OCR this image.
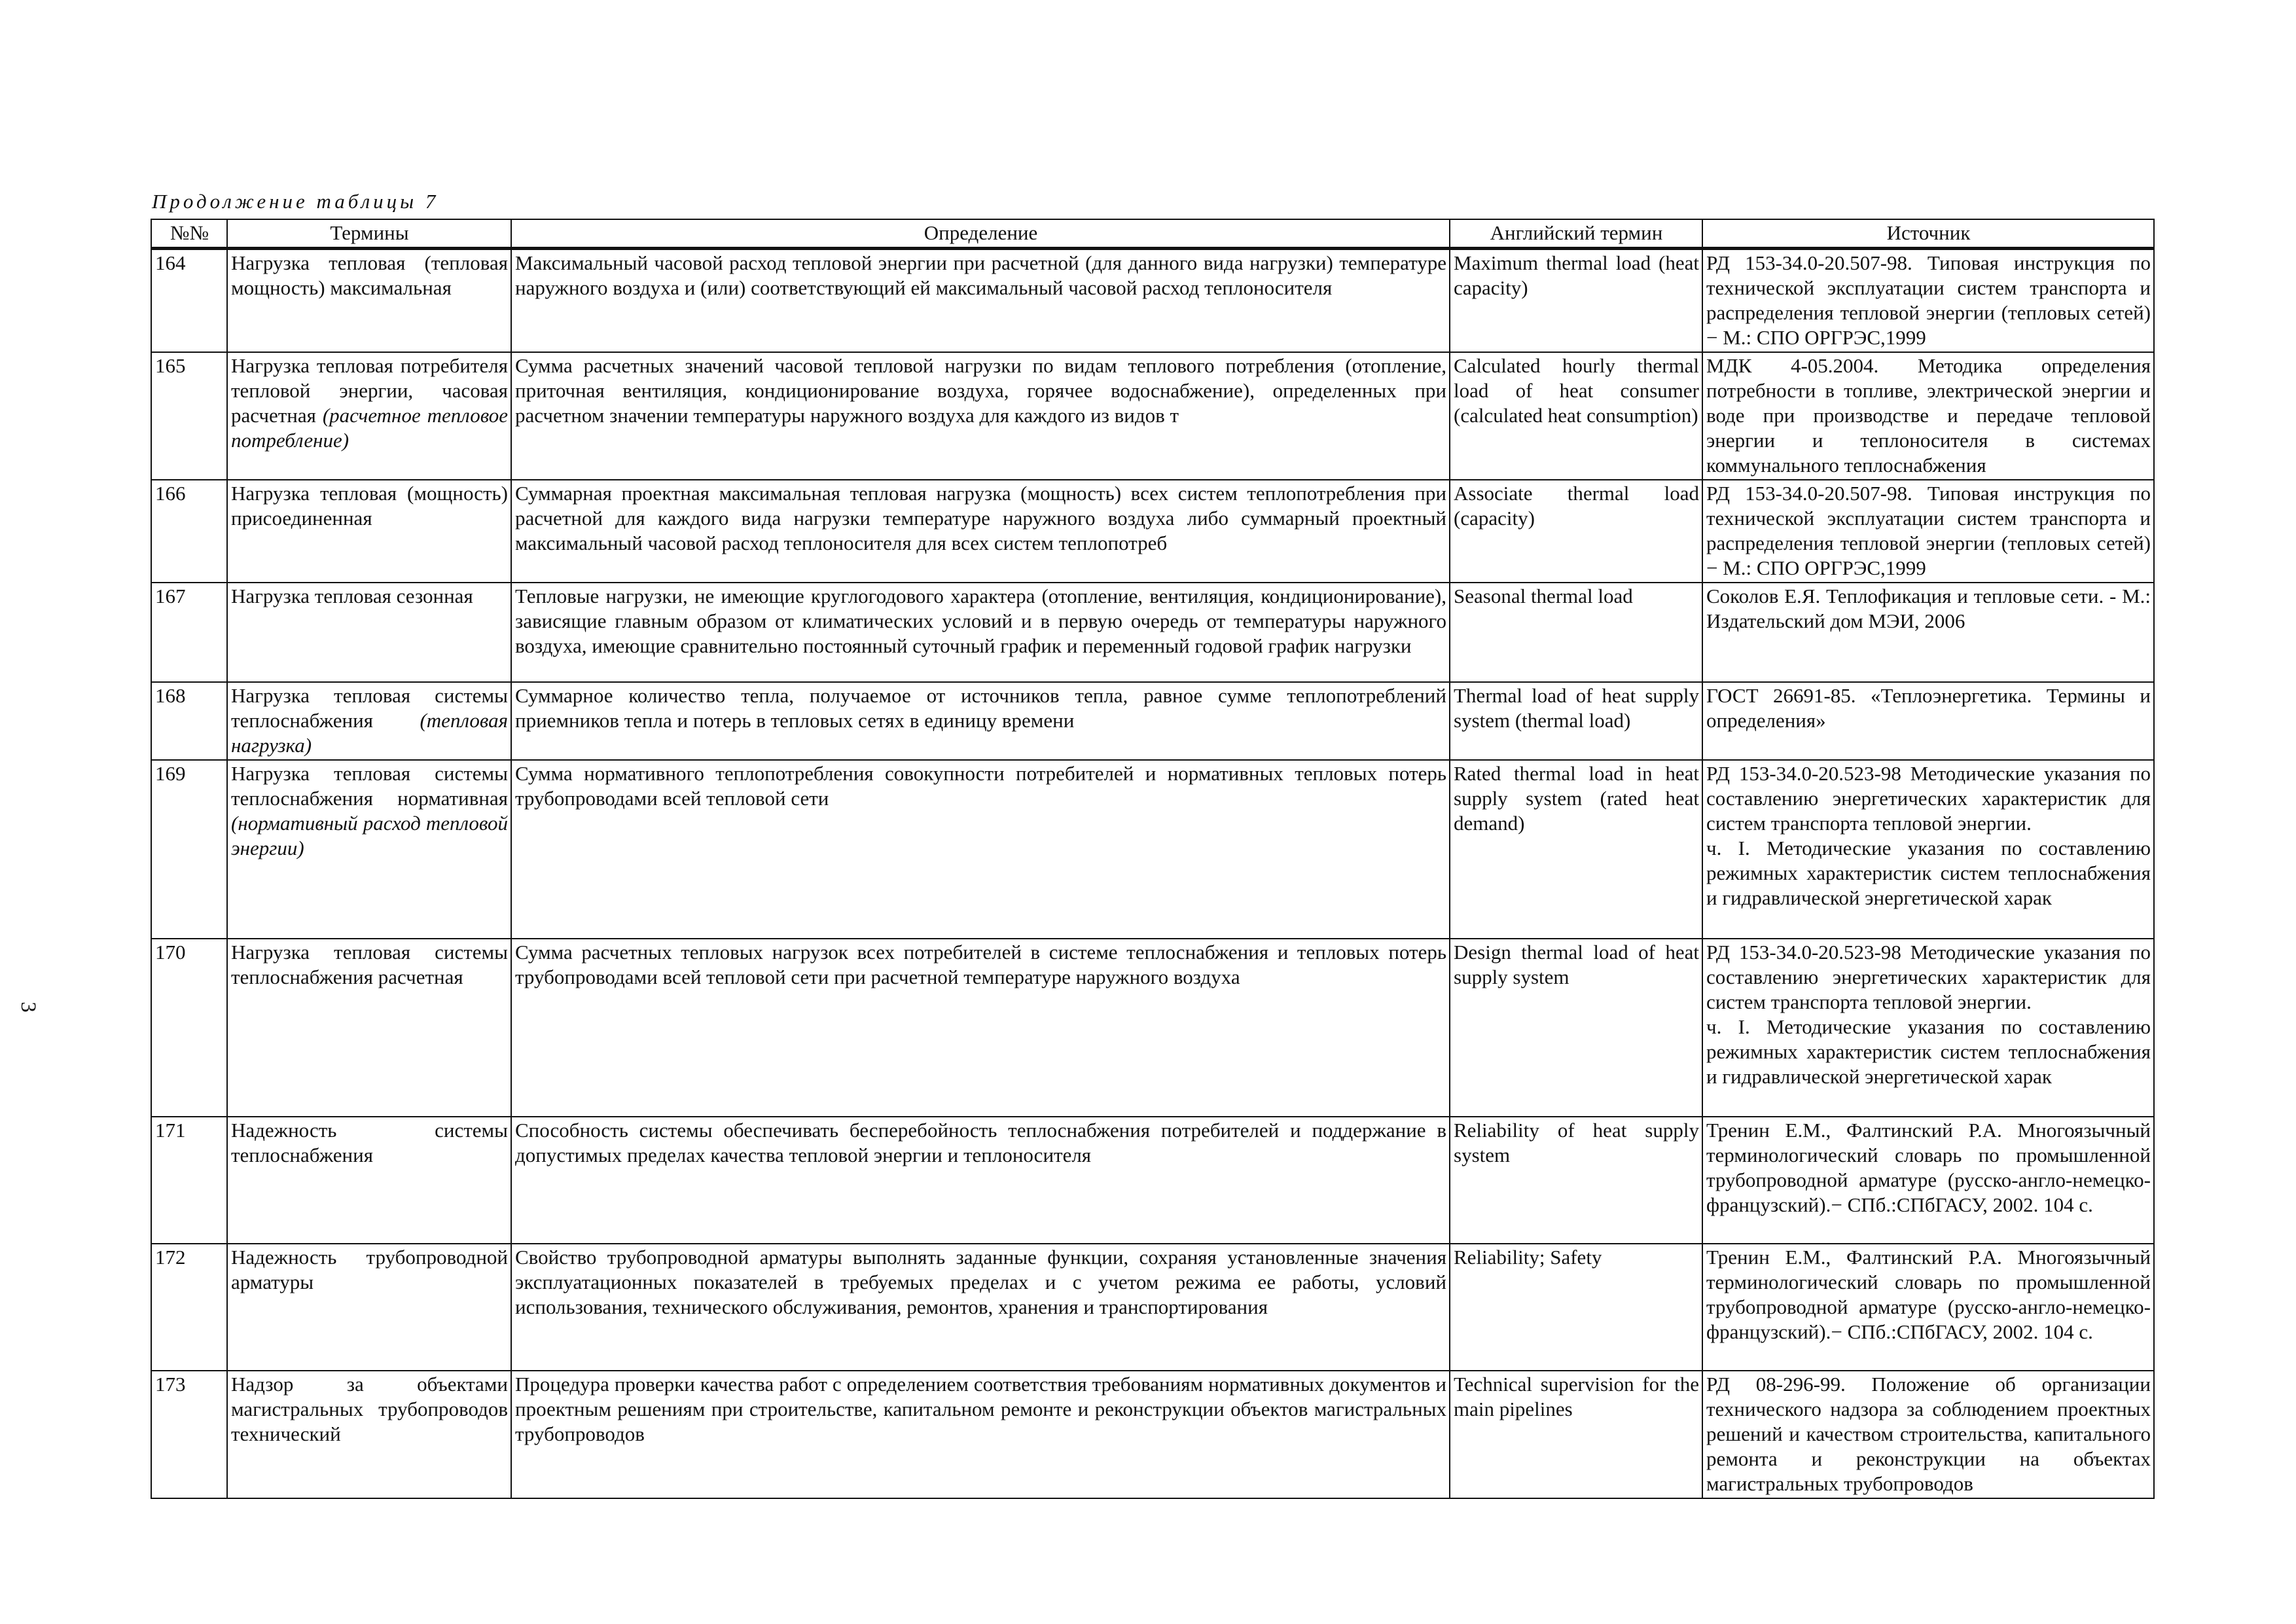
Продолжение таблицы 7
3
№№	Термины	Определение	Английский термин	Источник
164	Нагрузка тепловая (тепловая мощность) максимальная	Максимальный часовой расход тепловой энергии при расчетной (для данного вида нагрузки) температуре наружного воздуха и (или) соответствующий ей максимальный часовой расход теплоносителя	Maximum thermal load (heat capacity)	РД 153-34.0-20.507-98. Типовая инструкция по технической эксплуатации систем транспорта и распределения тепловой энергии (тепловых сетей) − М.: СПО ОРГРЭС,1999
165	Нагрузка тепловая потребителя тепловой энергии, часовая расчетная (расчетное тепловое потребление)	Сумма расчетных значений часовой тепловой нагрузки по видам теплового потребления (отопление, приточная вентиляция, кондиционирование воздуха, горячее водоснабжение), определенных при расчетном значении температуры наружного воздуха для каждого из видов т	Calculated hourly thermal load of heat consumer (calculated heat consumption)	МДК 4-05.2004. Методика определения потребности в топливе, электрической энергии и воде при производстве и передаче тепловой энергии и теплоносителя в системах коммунального теплоснабжения
166	Нагрузка тепловая (мощность) присоединенная	Суммарная проектная максимальная тепловая нагрузка (мощность) всех систем теплопотребления при расчетной для каждого вида нагрузки температуре наружного воздуха либо суммарный проектный максимальный часовой расход теплоносителя для всех систем теплопотреб	Associate thermal load (capacity)	РД 153-34.0-20.507-98. Типовая инструкция по технической эксплуатации систем транспорта и распределения тепловой энергии (тепловых сетей) − М.: СПО ОРГРЭС,1999
167	Нагрузка тепловая сезонная	Тепловые нагрузки, не имеющие круглогодового характера (отопление, вентиляция, кондиционирование), зависящие главным образом от климатических условий и в первую очередь от температуры наружного воздуха, имеющие сравнительно постоянный суточный график и переменный годовой график нагрузки	Seasonal thermal load	Соколов Е.Я. Теплофикация и тепловые сети. - М.: Издательский дом МЭИ, 2006
168	Нагрузка тепловая системы теплоснабжения (тепловая нагрузка)	Суммарное количество тепла, получаемое от источников тепла, равное сумме теплопотреблений приемников тепла и потерь в тепловых сетях в единицу времени	Thermal load of heat supply system (thermal load)	ГОСТ 26691-85. «Теплоэнергетика. Термины и определения»
169	Нагрузка тепловая системы теплоснабжения нормативная (нормативный расход тепловой энергии)	Сумма нормативного теплопотребления совокупности потребителей и нормативных тепловых потерь трубопроводами всей тепловой сети	Rated thermal load in heat supply system (rated heat demand)	РД 153-34.0-20.523-98 Методические указания по составлению энергетических характеристик для систем транспорта тепловой энергии.
ч. I. Методические указания по составлению режимных характеристик систем теплоснабжения и гидравлической энергетической харак
170	Нагрузка тепловая системы теплоснабжения расчетная	Сумма расчетных тепловых нагрузок всех потребителей в системе теплоснабжения и тепловых потерь трубопроводами всей тепловой сети при расчетной температуре наружного воздуха	Design thermal load of heat supply system	РД 153-34.0-20.523-98 Методические указания по составлению энергетических характеристик для систем транспорта тепловой энергии.
ч. I. Методические указания по составлению режимных характеристик систем теплоснабжения и гидравлической энергетической харак
171	Надежность системы теплоснабжения	Способность системы обеспечивать бесперебойность теплоснабжения потребителей и поддержание в допустимых пределах качества тепловой энергии и теплоносителя	Reliability of heat supply system	Тренин Е.М., Фалтинский Р.А. Многоязычный терминологический словарь по промышленной трубопроводной арматуре (русско-англо-немецко-французский).− СПб.:СПбГАСУ, 2002. 104 с.
172	Надежность трубопроводной арматуры	Свойство трубопроводной арматуры выполнять заданные функции, сохраняя установленные значения эксплуатационных показателей в требуемых пределах и с учетом режима ее работы, условий использования, технического обслуживания, ремонтов, хранения и транспортирования	Reliability; Safety	Тренин Е.М., Фалтинский Р.А. Многоязычный терминологический словарь по промышленной трубопроводной арматуре (русско-англо-немецко-французский).− СПб.:СПбГАСУ, 2002. 104 с.
173	Надзор за объектами магистральных трубопроводов технический	Процедура проверки качества работ с определением соответствия требованиям нормативных документов и проектным решениям при строительстве, капитальном ремонте и реконструкции объектов магистральных трубопроводов	Technical supervision for the main pipelines	РД 08-296-99. Положение об организации технического надзора за соблюдением проектных решений и качеством строительства, капитального ремонта и реконструкции на объектах магистральных трубопроводов
